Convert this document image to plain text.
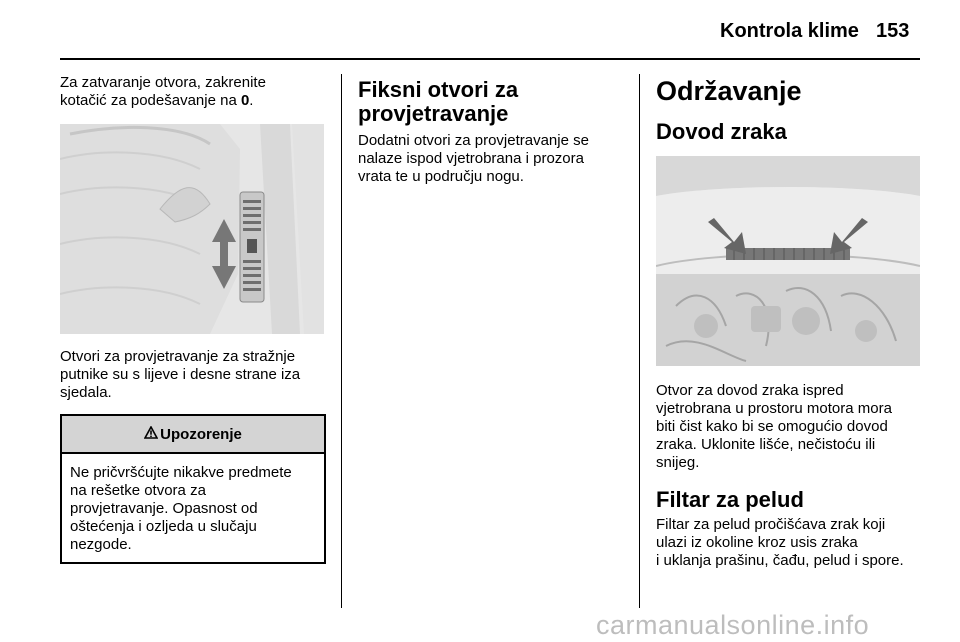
Kontrola klime 153

Za zatvaranje otvora, zakrenite
kotačić za podešavanje na 0.

Otvori za provjetravanje za stražnje
putnike su s lijeve i desne strane iza
sjedala.

Upozorenje

Ne pričvršćujte nikakve predmete
na rešetke otvora za
provjetravanje. Opasnost od
oštećenja i ozljeda u slučaju
nezgode.

Fiksni otvori za
provjetravanje

Dodatni otvori za provjetravanje se
nalaze ispod vjetrobrana i prozora
vrata te u području nogu.

Održavanje
Dovod zraka

Otvor za dovod zraka ispred
vjetrobrana u prostoru motora mora
biti čist kako bi se omogućio dovod
zraka. Uklonite lišće, nečistoću ili
snijeg.

Filtar za pelud

Filtar za pelud pročišćava zrak koji
ulazi iz okoline kroz usis zraka
i uklanja prašinu, čađu, pelud i spore.

carmanualsonline.info
